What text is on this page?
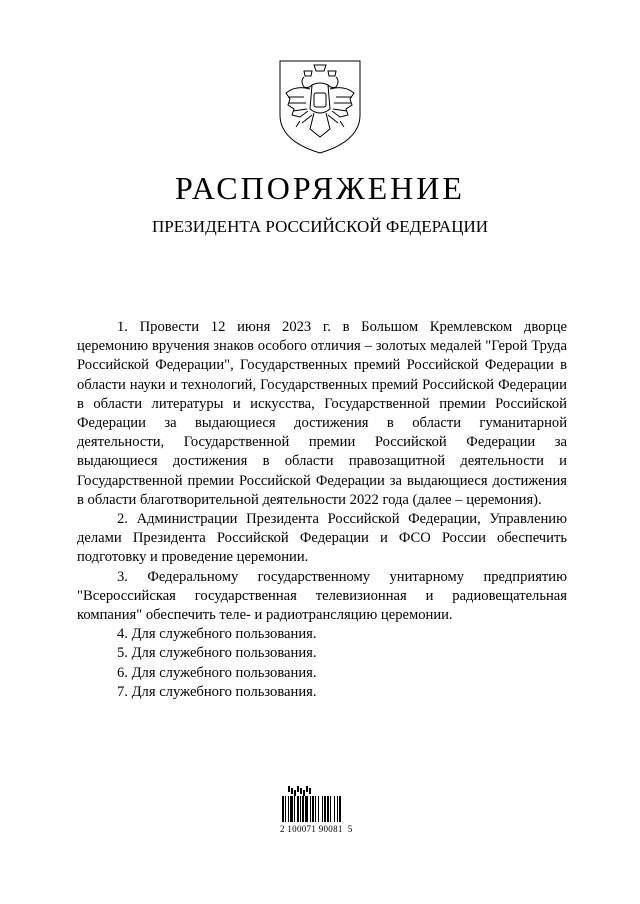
РАСПОРЯЖЕНИЕ
ПРЕЗИДЕНТА РОССИЙСКОЙ ФЕДЕРАЦИИ

1. Провести 12 июня 2023 г. в Большом Кремлевском дворце церемонию вручения знаков особого отличия – золотых медалей "Герой Труда Российской Федерации", Государственных премий Российской Федерации в области науки и технологий, Государственных премий Российской Федерации в области литературы и искусства, Государственной премии Российской Федерации за выдающиеся достижения в области гуманитарной деятельности, Государственной премии Российской Федерации за выдающиеся достижения в области правозащитной деятельности и Государственной премии Российской Федерации за выдающиеся достижения в области благотворительной деятельности 2022 года (далее – церемония).

2. Администрации Президента Российской Федерации, Управлению делами Президента Российской Федерации и ФСО России обеспечить подготовку и проведение церемонии.

3. Федеральному государственному унитарному предприятию "Всероссийская государственная телевизионная и радиовещательная компания" обеспечить теле- и радиотрансляцию церемонии.

4. Для служебного пользования.

5. Для служебного пользования.

6. Для служебного пользования.

7. Для служебного пользования.

2 100071 90081  5
